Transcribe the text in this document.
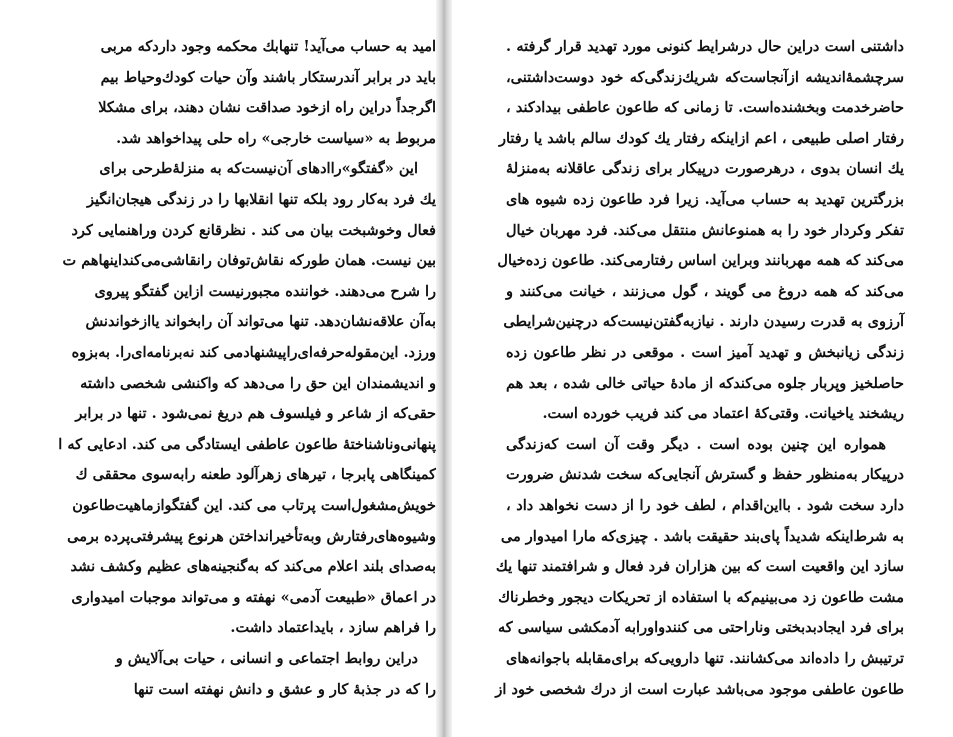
امید به حساب می‌آید! تنهابك محكمه وجود داردكه مربی
باید در برابر آندرستكار باشند وآن حیات كودك‌وحیاط بیم
اگرجداً دراین راه ازخود صداقت نشان دهند، برای مشكلا
مربوط به «سیاست خارجی» راه حلی پیداخواهد شد.
این «گفتگو»رااد‌های آن‌نیست‌كه به منزلۀطرحی برای
یك فرد به‌كار رود بلكه تنها انقلابها را در زندگی هیجان‌انگیز
فعال وخوشبخت بیان می كند . نظرقانع كردن وراهنمایی كرد
بین نیست. همان طوركه نقاش‌توفان رانقاشی‌می‌كنداینهاهم ت
را شرح می‌دهند. خواننده مجبورنیست ازاین گفتگو پیروی
به‌آن علاقه‌نشان‌دهد. تنها می‌تواند آن رابخواند یاازخواندنش
ورزد. این‌مقوله‌حرفه‌ای‌راپیشنهادمی كند نه‌برنامه‌ای‌را. به‌بزوه
و اندیشمندان این حق را می‌دهد كه واكنشی شخصی داشته
حقی‌كه از شاعر و فیلسوف هم دریغ نمی‌شود . تنها در برابر
پنهانی‌وناشناختۀ طاعون عاطفی ایستادگی می كند. ادعایی كه ا
كمینگاهی پابرجا ، تیرهای زهرآلود طعنه رابه‌سوی محققی ك
خویش‌مشغول‌است پرتاب می كند. این گفتگوازماهیت‌طاعون
وشیوه‌های‌رفتارش وبه‌تأخیرانداختن هرنوع پیشرفتی‌پرده برمی
به‌صدای بلند اعلام می‌كند كه به‌گنجینه‌های عظیم وكشف نشد
در اعماق «طبیعت آدمی» نهفته و می‌تواند موجبات امیدواری
را فراهم سازد ، بایداعتماد داشت.
دراین روابط اجتماعی و انسانی ، حیات بی‌آلایش و
را كه در جذبۀ كار و عشق و دانش نهفته است تنها
داشتنی است دراین حال درشرایط كنونی مورد تهدید قرار گرفته .
سرچشمۀاندیشه ازآنجاست‌كه شریك‌زندگی‌كه خود دوست‌داشتنی،
حاضرخدمت وبخشنده‌است. تا زمانی كه طاعون عاطفی بیدادكند ،
رفتار اصلی طبیعی ، اعم ازاینكه رفتار یك كودك سالم باشد یا رفتار
یك انسان بدوی ، درهرصورت درپیكار برای زندگی عاقلانه به‌منزلۀ
بزرگترین تهدید به حساب می‌آید. زیرا فرد طاعون زده شیوه های
تفكر وكردار خود را به همنوعانش منتقل می‌كند. فرد مهربان خیال
می‌كند كه همه مهربانند وبراین اساس رفتارمی‌كند. طاعون زده‌خیال
می‌كند كه همه دروغ می گویند ، گول می‌زنند ، خیانت می‌كنند و
آرزوی به قدرت رسیدن دارند . نیازبه‌گفتن‌نیست‌كه درچنین‌شرایطی
زندگی زیانبخش و تهدید آمیز است . موقعی در نظر طاعون زده
حاصلخیز وپربار جلوه می‌كندكه از مادۀ حیاتی خالی شده ، بعد هم
ریشخند یاخیانت. وقتی‌كۀ اعتماد می كند فریب خورده است.
همواره این چنین بوده است . دیگر وقت آن است كه‌زندگی
درپیكار به‌منظور حفظ و گسترش آنجایی‌كه سخت شدنش ضرورت
دارد سخت شود . بااین‌اقدام ، لطف خود را از دست نخواهد داد ،
به شرط‌اینكه شدیداً پای‌بند حقیقت باشد . چیزی‌كه مارا امیدوار می‌
سازد این واقعیت است كه بین هزاران فرد فعال و شرافتمند تنها یك
مشت طاعون زد می‌بینیم‌كه با استفاده از تحریكات دیجور وخطرناك
برای فرد ایجادبدبختی وناراحتی می كنندواورابه آدمكشی سیاسی كه
ترتیبش را داده‌اند می‌كشانند. تنها دارویی‌كه برای‌مقابله باجوانه‌های
طاعون عاطفی موجود می‌باشد عبارت است از درك شخصی خود از
